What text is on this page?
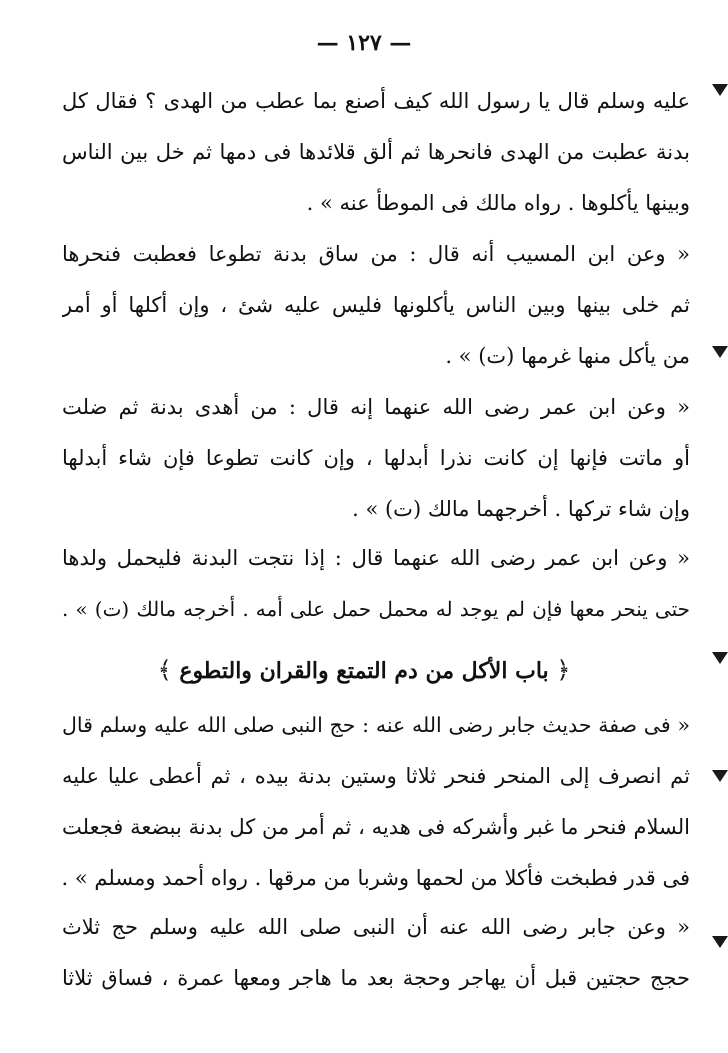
— ١٢٧ —
عليه وسلم قال يا رسول الله كيف أصنع بما عطب من الهدى ؟ فقال كل
بدنة عطبت من الهدى فانحرها ثم ألق قلائدها فى دمها ثم خل بين الناس
وبينها يأكلوها . رواه مالك فى الموطأ عنه » .
« وعن ابن المسيب أنه قال : من ساق بدنة تطوعا فعطبت فنحرها
ثم خلى بينها وبين الناس يأكلونها فليس عليه شئ ، وإن أكلها أو أمر
من يأكل منها غرمها (ت) » .
« وعن ابن عمر رضى الله عنهما إنه قال : من أهدى بدنة ثم ضلت
أو ماتت فإنها إن كانت نذرا أبدلها ، وإن كانت تطوعا فإن شاء أبدلها
وإن شاء تركها . أخرجهما مالك (ت) » .
« وعن ابن عمر رضى الله عنهما قال : إذا نتجت البدنة فليحمل ولدها
حتى ينحر معها فإن لم يوجد له محمل حمل على أمه . أخرجه مالك (ت) » .
﴿ باب الأكل من دم التمتع والقران والتطوع ﴾
« فى صفة حديث جابر رضى الله عنه : حج النبى صلى الله عليه وسلم قال
ثم انصرف إلى المنحر فنحر ثلاثا وستين بدنة بيده ، ثم أعطى عليا عليه
السلام فنحر ما غبر وأشركه فى هديه ، ثم أمر من كل بدنة ببضعة فجعلت
فى قدر فطبخت فأكلا من لحمها وشربا من مرقها . رواه أحمد ومسلم » .
« وعن جابر رضى الله عنه أن النبى صلى الله عليه وسلم حج ثلاث
حجج حجتين قبل أن يهاجر وحجة بعد ما هاجر ومعها عمرة ، فساق ثلاثا
